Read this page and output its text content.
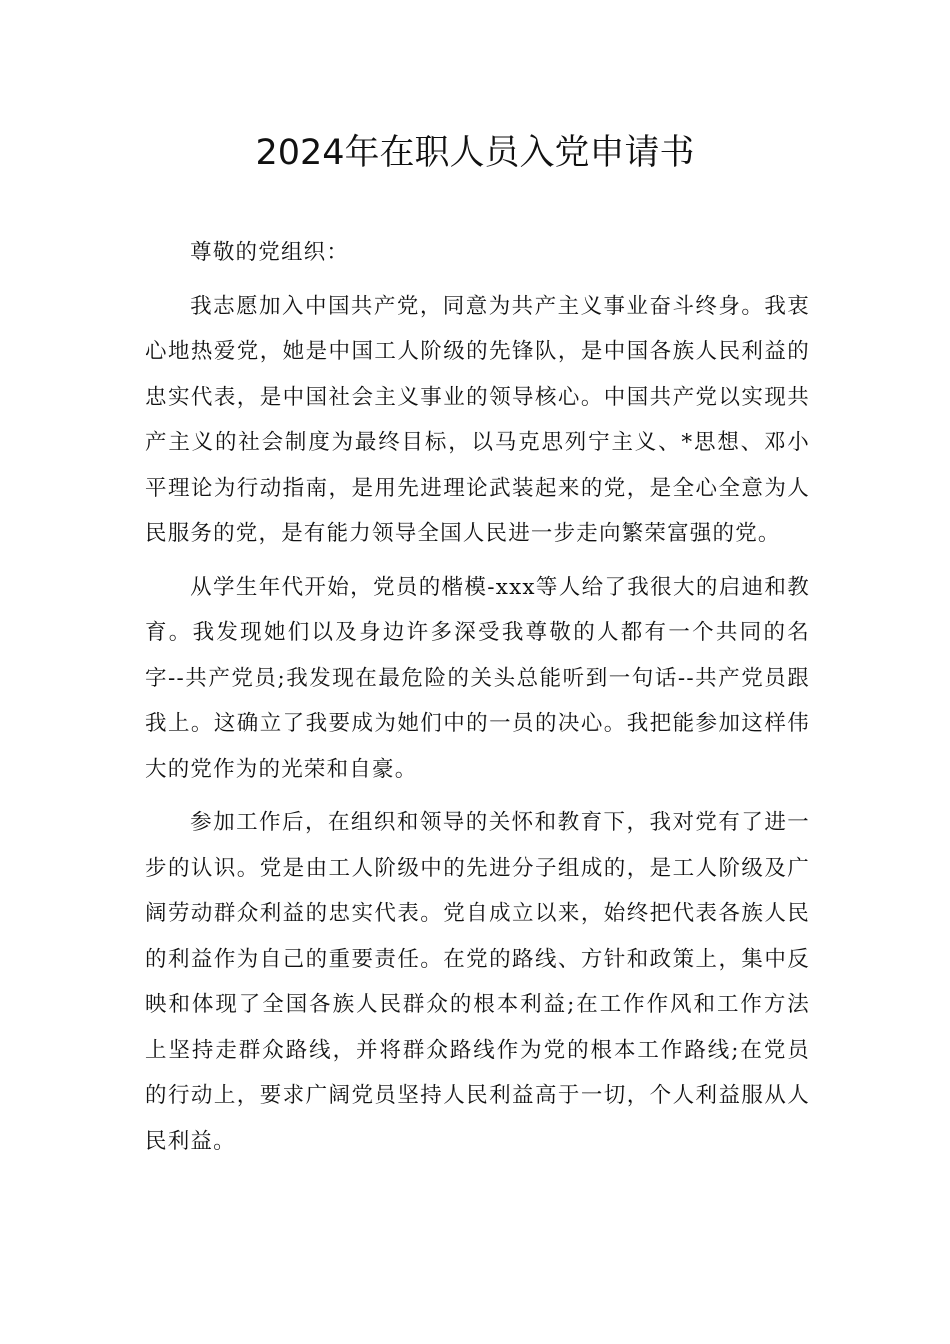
2024年在职人员入党申请书

尊敬的党组织：

我志愿加入中国共产党，同意为共产主义事业奋斗终身。我衷心地热爱党，她是中国工人阶级的先锋队，是中国各族人民利益的忠实代表，是中国社会主义事业的领导核心。中国共产党以实现共产主义的社会制度为最终目标，以马克思列宁主义、*思想、邓小平理论为行动指南，是用先进理论武装起来的党，是全心全意为人民服务的党，是有能力领导全国人民进一步走向繁荣富强的党。

从学生年代开始，党员的楷模-xxx等人给了我很大的启迪和教育。我发现她们以及身边许多深受我尊敬的人都有一个共同的名字--共产党员;我发现在最危险的关头总能听到一句话--共产党员跟我上。这确立了我要成为她们中的一员的决心。我把能参加这样伟大的党作为的光荣和自豪。

参加工作后，在组织和领导的关怀和教育下，我对党有了进一步的认识。党是由工人阶级中的先进分子组成的，是工人阶级及广阔劳动群众利益的忠实代表。党自成立以来，始终把代表各族人民的利益作为自己的重要责任。在党的路线、方针和政策上，集中反映和体现了全国各族人民群众的根本利益;在工作作风和工作方法上坚持走群众路线，并将群众路线作为党的根本工作路线;在党员的行动上，要求广阔党员坚持人民利益高于一切，个人利益服从人民利益。
